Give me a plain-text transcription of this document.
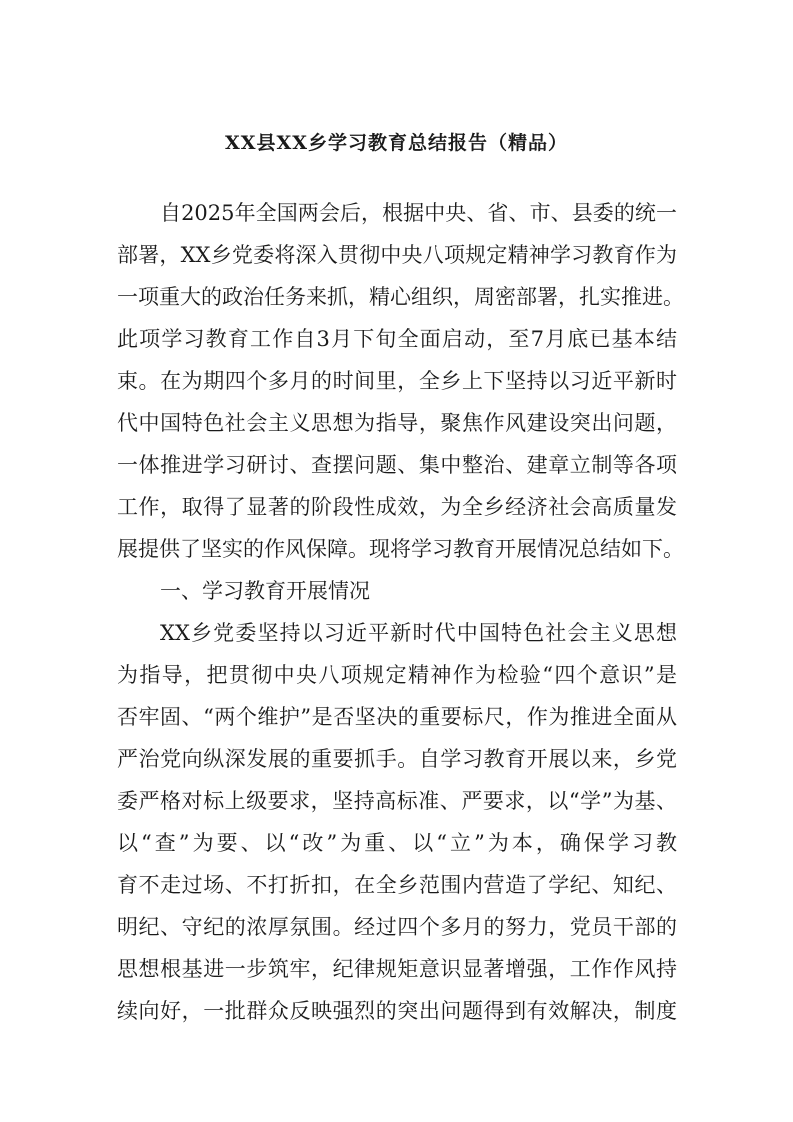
XX县XX乡学习教育总结报告（精品）
自2025年全国两会后，根据中央、省、市、县委的统一
部署，XX乡党委将深入贯彻中央八项规定精神学习教育作为
一项重大的政治任务来抓，精心组织，周密部署，扎实推进。
此项学习教育工作自3月下旬全面启动，至7月底已基本结
束。在为期四个多月的时间里，全乡上下坚持以习近平新时
代中国特色社会主义思想为指导，聚焦作风建设突出问题，
一体推进学习研讨、查摆问题、集中整治、建章立制等各项
工作，取得了显著的阶段性成效，为全乡经济社会高质量发
展提供了坚实的作风保障。现将学习教育开展情况总结如下。
一、学习教育开展情况
XX乡党委坚持以习近平新时代中国特色社会主义思想
为指导，把贯彻中央八项规定精神作为检验“四个意识”是
否牢固、“两个维护”是否坚决的重要标尺，作为推进全面从
严治党向纵深发展的重要抓手。自学习教育开展以来，乡党
委严格对标上级要求，坚持高标准、严要求，以“学”为基、
以“查”为要、以“改”为重、以“立”为本，确保学习教
育不走过场、不打折扣，在全乡范围内营造了学纪、知纪、
明纪、守纪的浓厚氛围。经过四个多月的努力，党员干部的
思想根基进一步筑牢，纪律规矩意识显著增强，工作作风持
续向好，一批群众反映强烈的突出问题得到有效解决，制度
